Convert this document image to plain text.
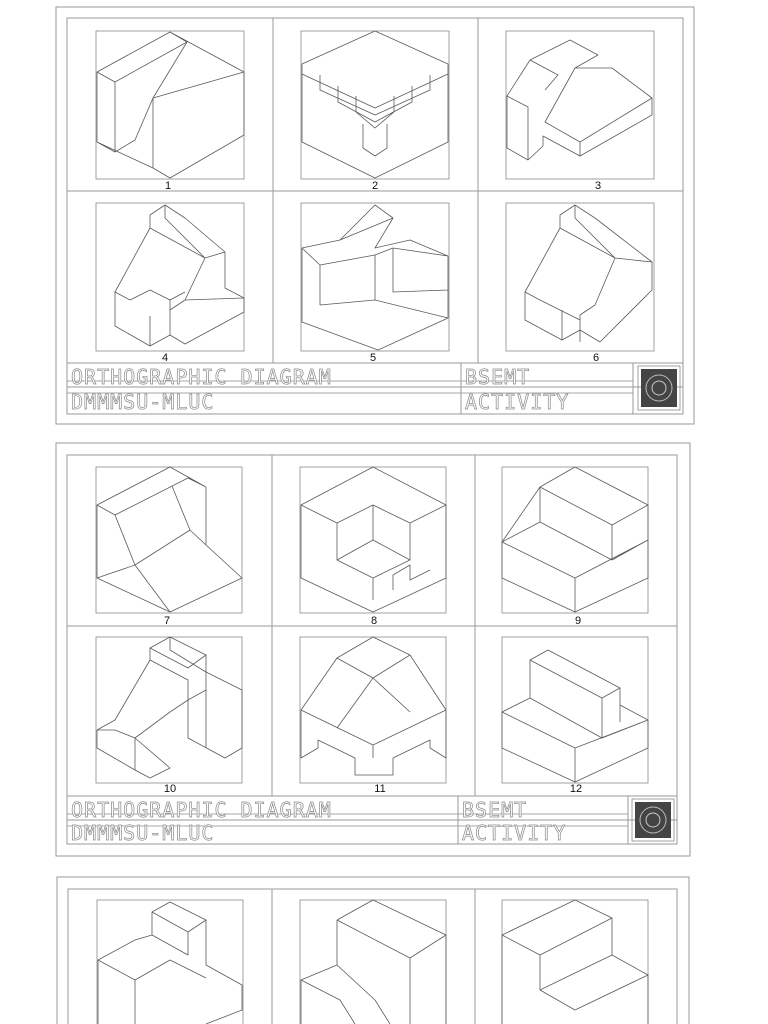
1	2	3
4	5	6
ORTHOGRAPHIC DIAGRAM
DMMMSU-MLUC
BSEMT
ACTIVITY
7	8	9
10	11	12
ORTHOGRAPHIC DIAGRAM
DMMMSU-MLUC
BSEMT
ACTIVITY
